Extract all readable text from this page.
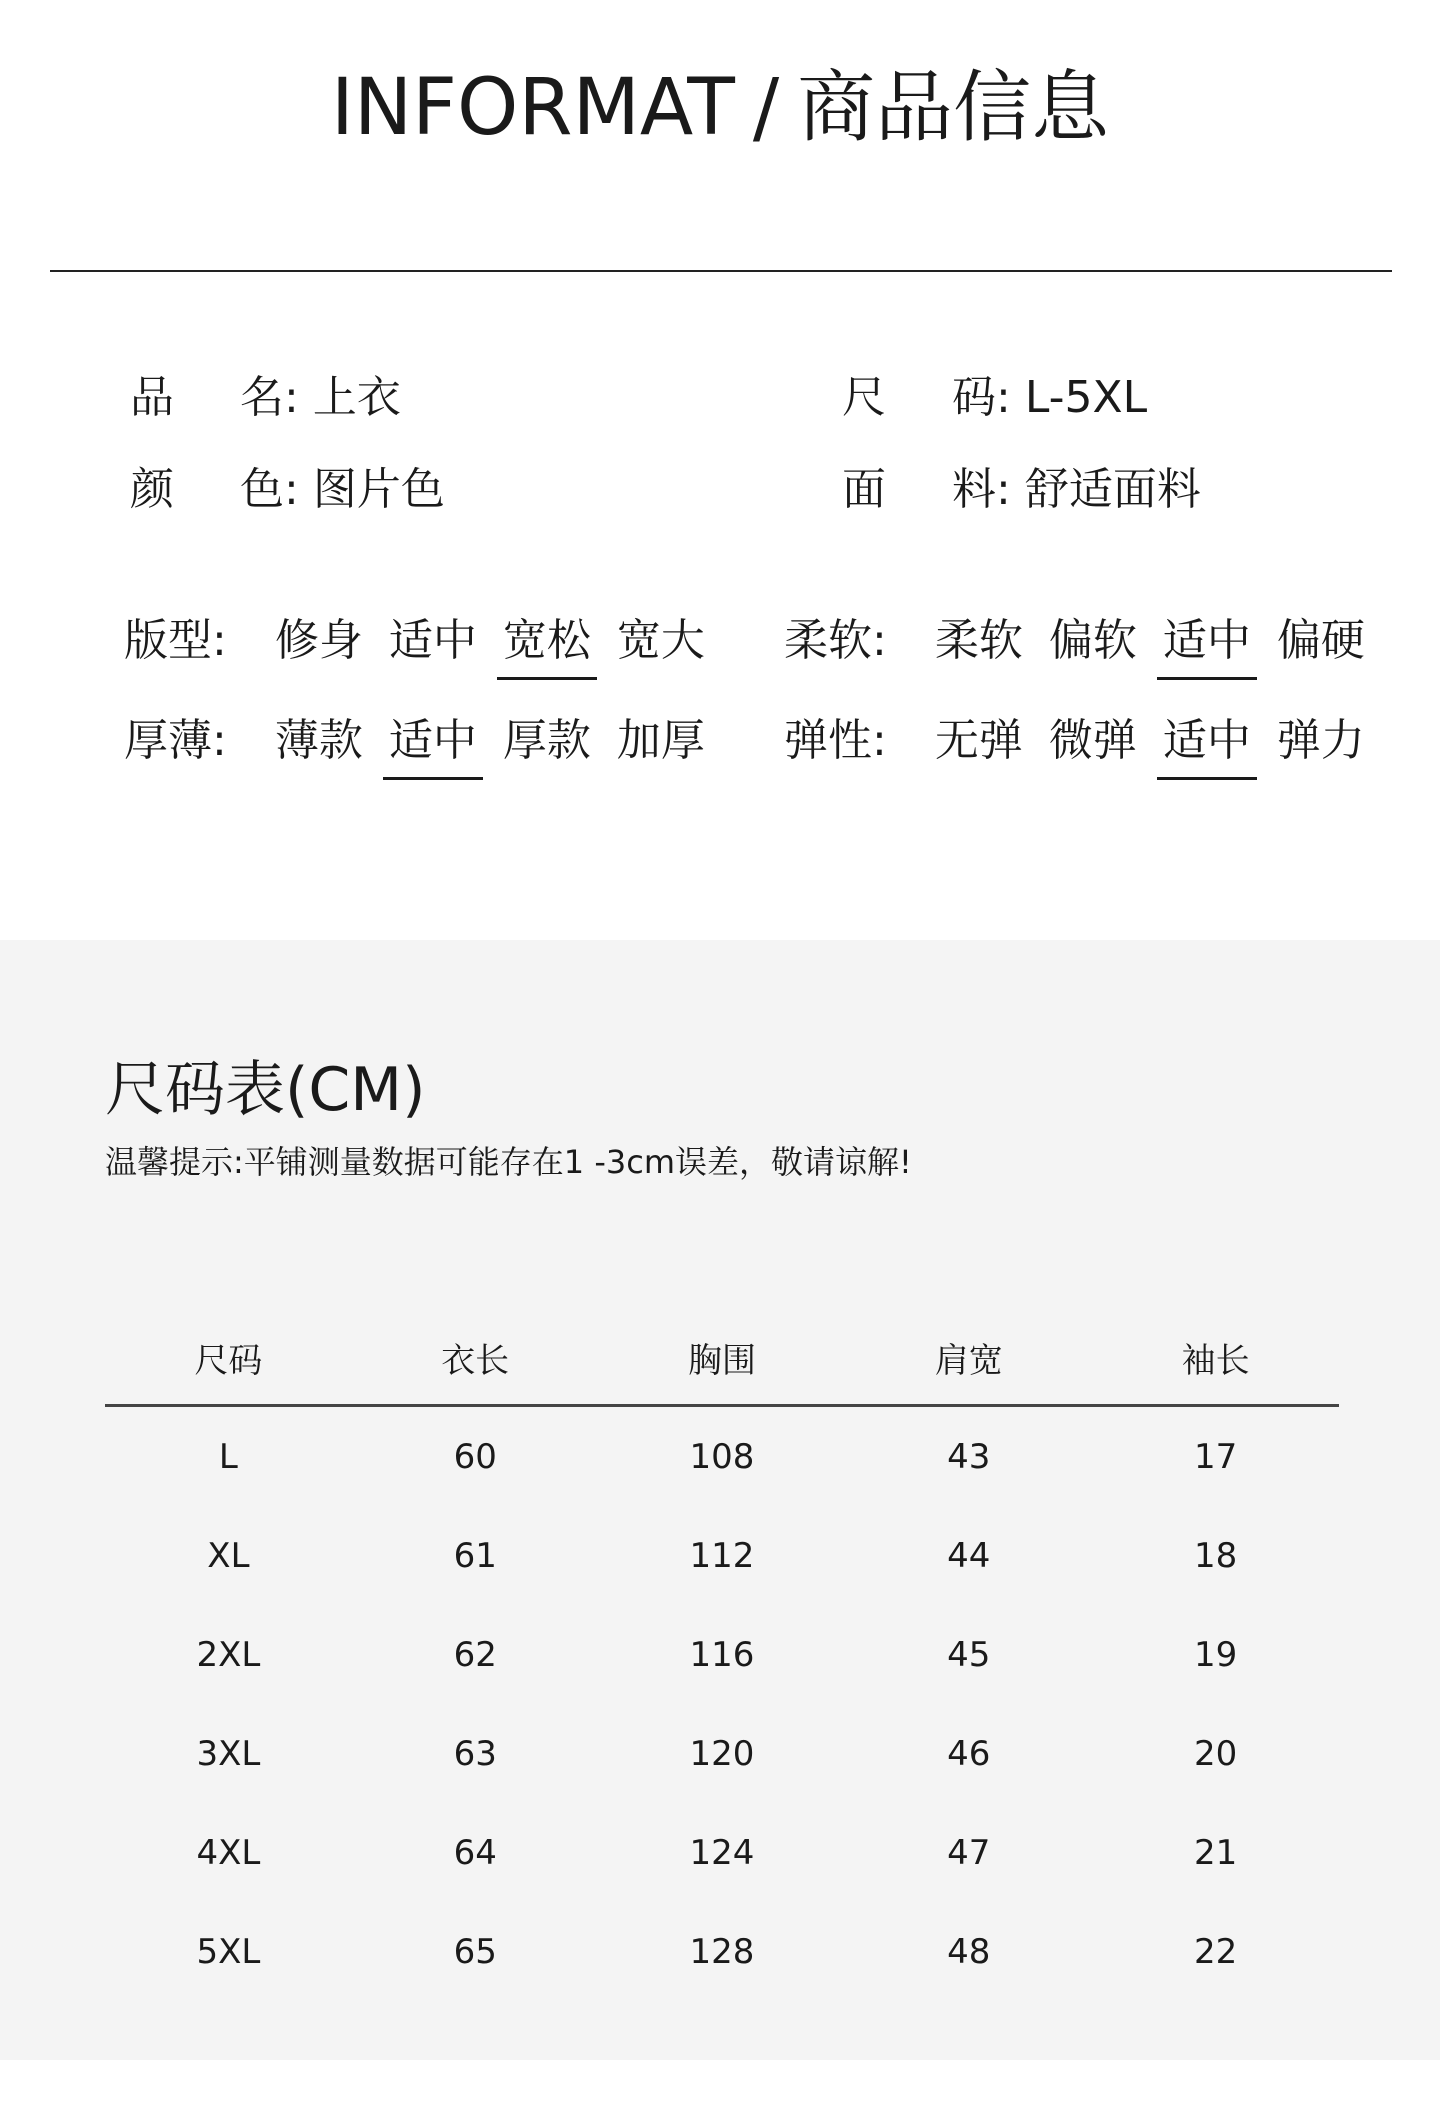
INFORMAT / 商品信息
品 名: 上衣	尺 码: L-5XL
颜 色: 图片色	面 料: 舒适面料
版型: 修身 适中 宽松 宽大	柔软: 柔软 偏软 适中 偏硬
厚薄: 薄款 适中 厚款 加厚	弹性: 无弹 微弹 适中 弹力
尺码表(CM)
温馨提示:平铺测量数据可能存在1 -3cm误差，敬请谅解!
尺码	衣长	胸围	肩宽	袖长
L	60	108	43	17
XL	61	112	44	18
2XL	62	116	45	19
3XL	63	120	46	20
4XL	64	124	47	21
5XL	65	128	48	22
